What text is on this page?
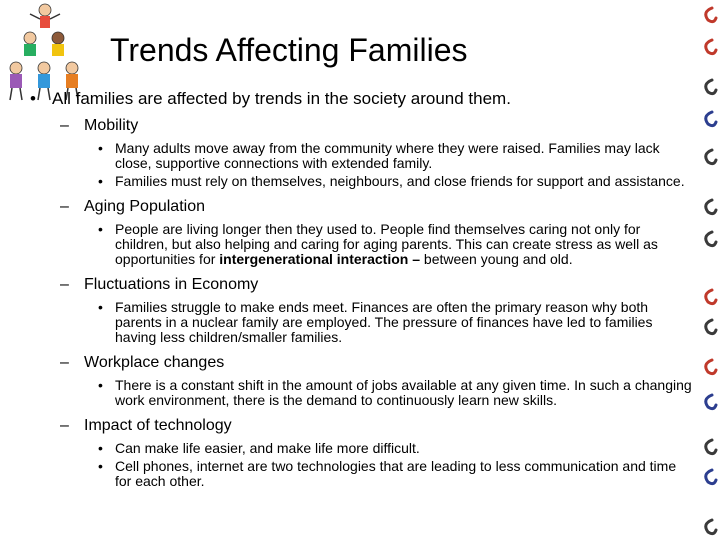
Trends Affecting Families
• All families are affected by trends in the society around them.
– Mobility
• Many adults move away from the community where they were raised. Families may lack close, supportive connections with extended family.
• Families must rely on themselves, neighbours, and close friends for support and assistance.
– Aging Population
• People are living longer then they used to. People find themselves caring not only for children, but also helping and caring for aging parents. This can create stress as well as opportunities for intergenerational interaction – between young and old.
– Fluctuations in Economy
• Families struggle to make ends meet. Finances are often the primary reason why both parents in a nuclear family are employed. The pressure of finances have led to families having less children/smaller families.
– Workplace changes
• There is a constant shift in the amount of jobs available at any given time. In such a changing work environment, there is the demand to continuously learn new skills.
– Impact of technology
• Can make life easier, and make life more difficult.
• Cell phones, internet are two technologies that are leading to less communication and time for each other.
